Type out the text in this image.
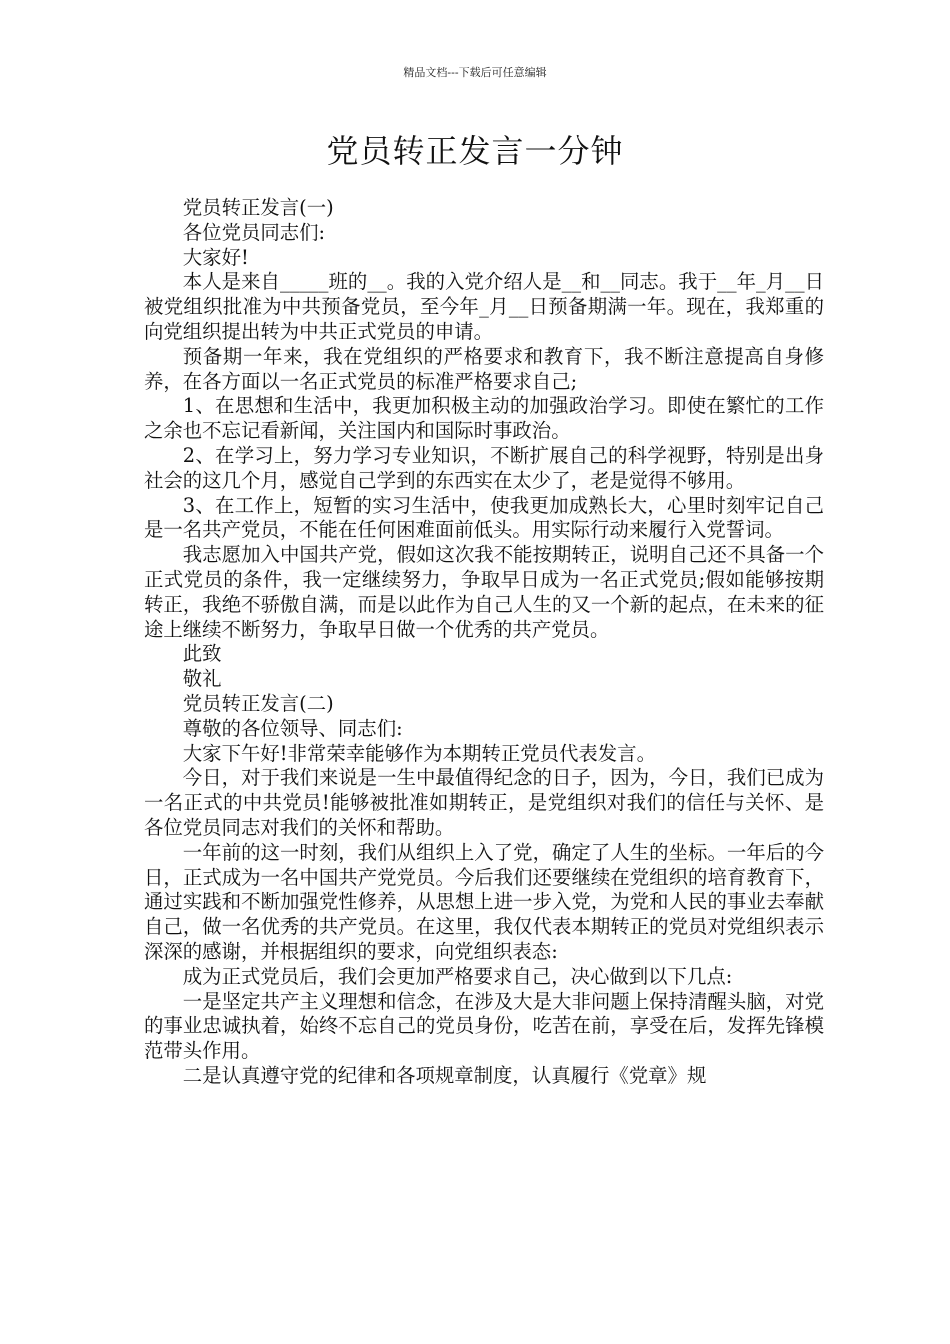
精品文档---下载后可任意编辑
党员转正发言一分钟

党员转正发言(一)

各位党员同志们:

大家好!

本人是来自_____班的__。我的入党介绍人是__和__同志。我于__年_月__日被党组织批准为中共预备党员，至今年_月__日预备期满一年。现在，我郑重的向党组织提出转为中共正式党员的申请。

预备期一年来，我在党组织的严格要求和教育下，我不断注意提高自身修养，在各方面以一名正式党员的标准严格要求自己;

1、在思想和生活中，我更加积极主动的加强政治学习。即使在繁忙的工作之余也不忘记看新闻，关注国内和国际时事政治。

2、在学习上，努力学习专业知识，不断扩展自己的科学视野，特别是出身社会的这几个月，感觉自己学到的东西实在太少了，老是觉得不够用。

3、在工作上，短暂的实习生活中，使我更加成熟长大，心里时刻牢记自己是一名共产党员，不能在任何困难面前低头。用实际行动来履行入党誓词。

我志愿加入中国共产党，假如这次我不能按期转正，说明自己还不具备一个正式党员的条件，我一定继续努力，争取早日成为一名正式党员;假如能够按期转正，我绝不骄傲自满，而是以此作为自己人生的又一个新的起点，在未来的征途上继续不断努力，争取早日做一个优秀的共产党员。

此致

敬礼

党员转正发言(二)

尊敬的各位领导、同志们:

大家下午好!非常荣幸能够作为本期转正党员代表发言。

今日，对于我们来说是一生中最值得纪念的日子，因为，今日，我们已成为一名正式的中共党员!能够被批准如期转正，是党组织对我们的信任与关怀、是各位党员同志对我们的关怀和帮助。

一年前的这一时刻，我们从组织上入了党，确定了人生的坐标。一年后的今日，正式成为一名中国共产党党员。今后我们还要继续在党组织的培育教育下，通过实践和不断加强党性修养，从思想上进一步入党，为党和人民的事业去奉献自己，做一名优秀的共产党员。在这里，我仅代表本期转正的党员对党组织表示深深的感谢，并根据组织的要求，向党组织表态:

成为正式党员后，我们会更加严格要求自己，决心做到以下几点:

一是坚定共产主义理想和信念，在涉及大是大非问题上保持清醒头脑，对党的事业忠诚执着，始终不忘自己的党员身份，吃苦在前，享受在后，发挥先锋模范带头作用。

二是认真遵守党的纪律和各项规章制度，认真履行《党章》规
